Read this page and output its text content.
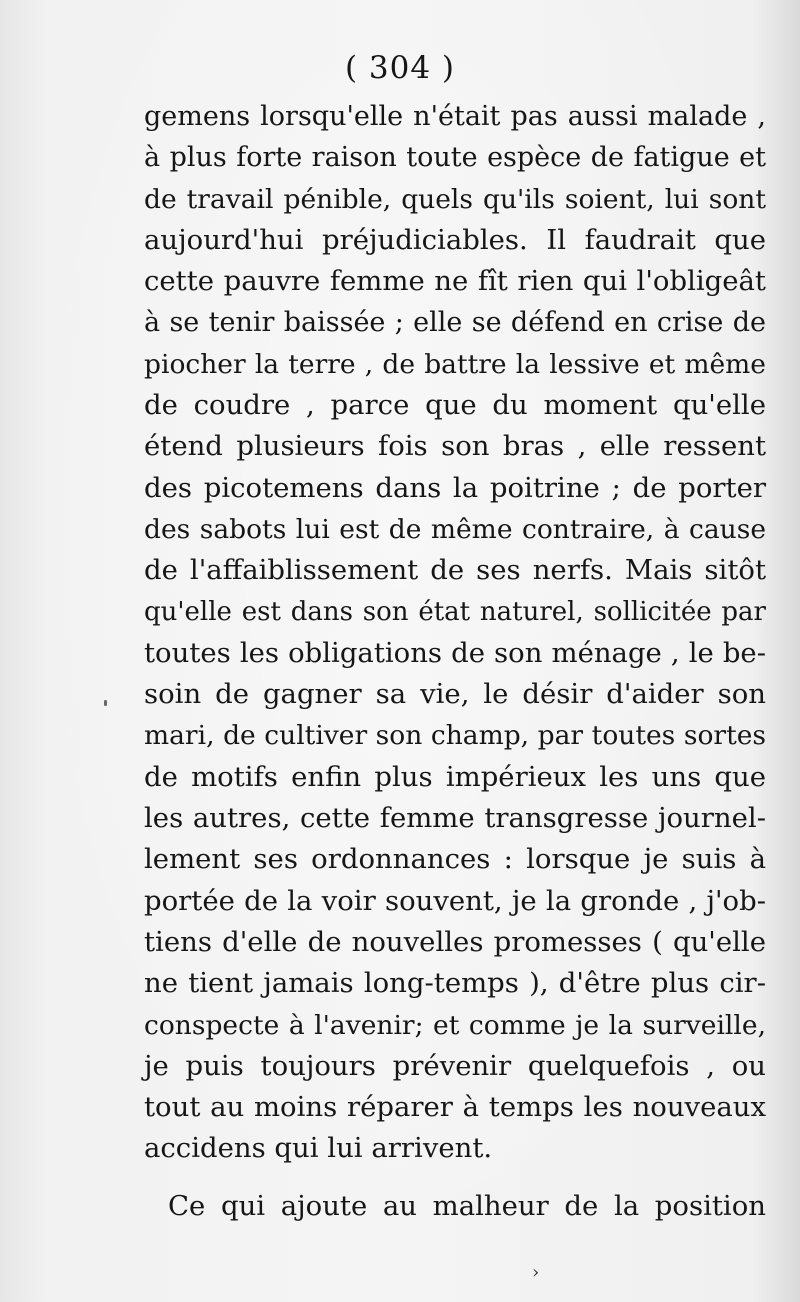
( 304 )
gemens lorsqu'elle n'était pas aussi malade ,
à plus forte raison toute espèce de fatigue et
de travail pénible, quels qu'ils soient, lui sont
aujourd'hui préjudiciables. Il faudrait que
cette pauvre femme ne fît rien qui l'obligeât
à se tenir baissée ; elle se défend en crise de
piocher la terre , de battre la lessive et même
de coudre , parce que du moment qu'elle
étend plusieurs fois son bras , elle ressent
des picotemens dans la poitrine ; de porter
des sabots lui est de même contraire, à cause
de l'affaiblissement de ses nerfs. Mais sitôt
qu'elle est dans son état naturel, sollicitée par
toutes les obligations de son ménage , le be-
soin de gagner sa vie, le désir d'aider son
mari, de cultiver son champ, par toutes sortes
de motifs enfin plus impérieux les uns que
les autres, cette femme transgresse journel-
lement ses ordonnances : lorsque je suis à
portée de la voir souvent, je la gronde , j'ob-
tiens d'elle de nouvelles promesses ( qu'elle
ne tient jamais long-temps ), d'être plus cir-
conspecte à l'avenir; et comme je la surveille,
je puis toujours prévenir quelquefois , ou
tout au moins réparer à temps les nouveaux
accidens qui lui arrivent.
Ce qui ajoute au malheur de la position
›
